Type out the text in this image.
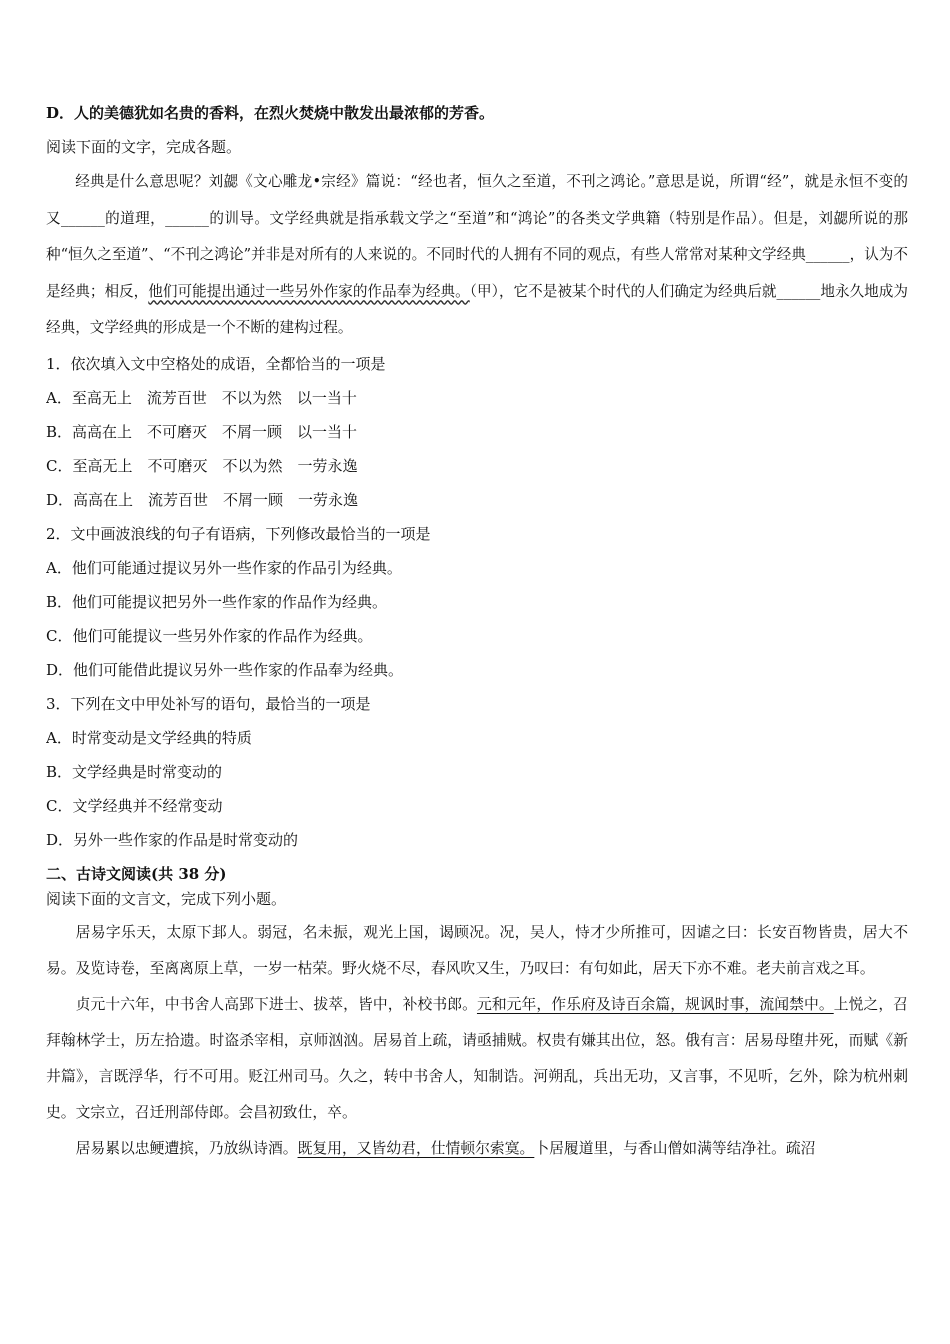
D．人的美德犹如名贵的香料，在烈火焚烧中散发出最浓郁的芳香。
阅读下面的文字，完成各题。

经典是什么意思呢？刘勰《文心雕龙•宗经》篇说：“经也者，恒久之至道，不刊之鸿论。”意思是说，所谓“经”，就是永恒不变的又______的道理，______的训导。文学经典就是指承载文学之“至道”和“鸿论”的各类文学典籍（特别是作品）。但是，刘勰所说的那种“恒久之至道”、“不刊之鸿论”并非是对所有的人来说的。不同时代的人拥有不同的观点，有些人常常对某种文学经典______，认为不是经典；相反，他们可能提出通过一些另外作家的作品奉为经典。（甲），它不是被某个时代的人们确定为经典后就______地永久地成为经典，文学经典的形成是一个不断的建构过程。

1．依次填入文中空格处的成语，全都恰当的一项是
A．至高无上　流芳百世　不以为然　以一当十
B．高高在上　不可磨灭　不屑一顾　以一当十
C．至高无上　不可磨灭　不以为然　一劳永逸
D．高高在上　流芳百世　不屑一顾　一劳永逸
2．文中画波浪线的句子有语病，下列修改最恰当的一项是
A．他们可能通过提议另外一些作家的作品引为经典。
B．他们可能提议把另外一些作家的作品作为经典。
C．他们可能提议一些另外作家的作品作为经典。
D．他们可能借此提议另外一些作家的作品奉为经典。
3．下列在文中甲处补写的语句，最恰当的一项是
A．时常变动是文学经典的特质
B．文学经典是时常变动的
C．文学经典并不经常变动
D．另外一些作家的作品是时常变动的
二、古诗文阅读(共 38 分)
阅读下面的文言文，完成下列小题。

居易字乐天，太原下邽人。弱冠，名未振，观光上国，谒顾况。况，吴人，恃才少所推可，因谑之曰：长安百物皆贵，居大不易。及览诗卷，至离离原上草，一岁一枯荣。野火烧不尽，春风吹又生，乃叹曰：有句如此，居天下亦不难。老夫前言戏之耳。

贞元十六年，中书舍人高郢下进士、拔萃，皆中，补校书郎。元和元年，作乐府及诗百余篇，规讽时事，流闻禁中。上悦之，召拜翰林学士，历左拾遗。时盗杀宰相，京师汹汹。居易首上疏，请亟捕贼。权贵有嫌其出位，怒。俄有言：居易母堕井死，而赋《新井篇》，言既浮华，行不可用。贬江州司马。久之，转中书舍人，知制诰。河朔乱，兵出无功，又言事，不见听，乞外，除为杭州刺史。文宗立，召迁刑部侍郎。会昌初致仕，卒。

居易累以忠鲠遭摈，乃放纵诗酒。既复用，又皆幼君，仕情顿尔索寞。卜居履道里，与香山僧如满等结净社。疏沼
